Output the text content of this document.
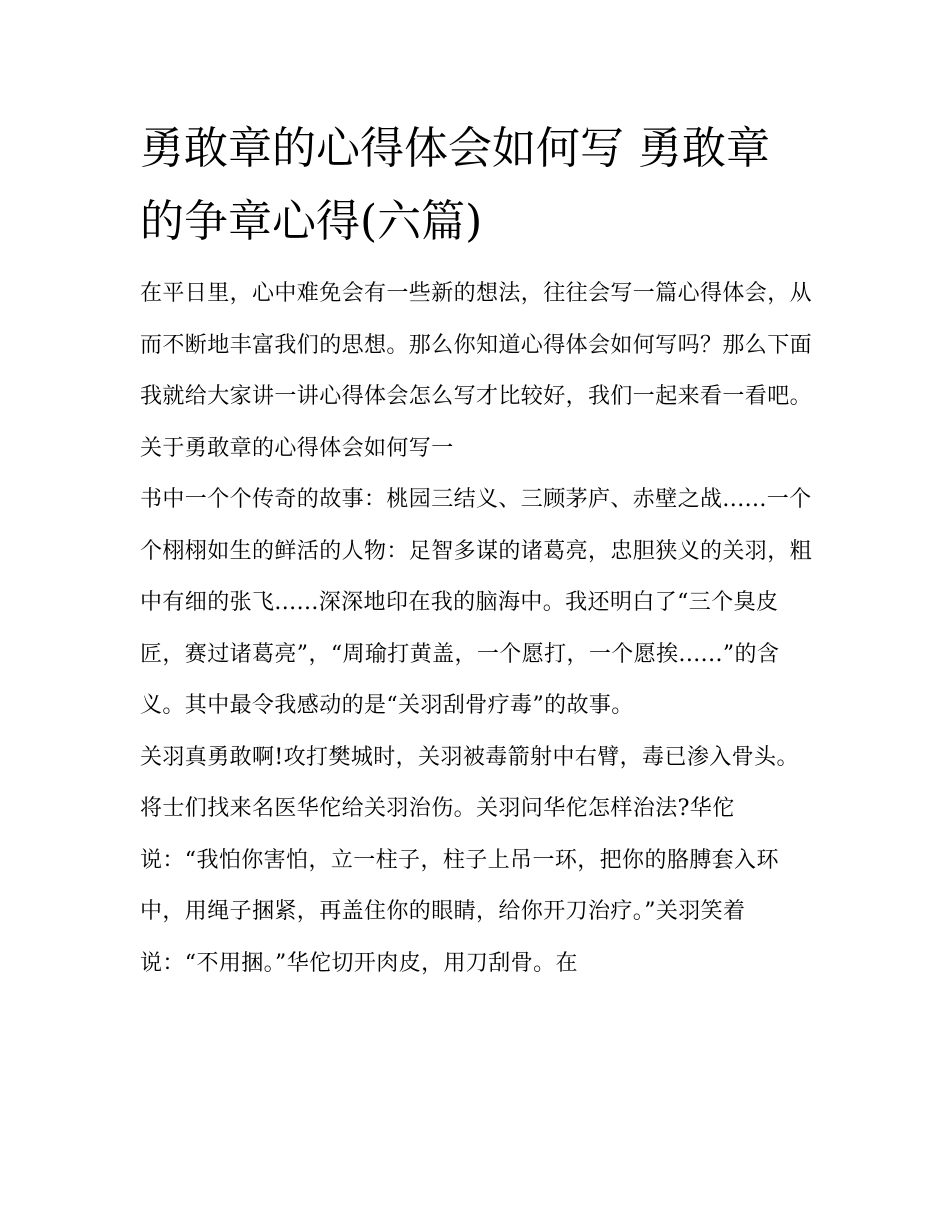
勇敢章的心得体会如何写 勇敢章的争章心得(六篇)

在平日里，心中难免会有一些新的想法，往往会写一篇心得体会，从而不断地丰富我们的思想。那么你知道心得体会如何写吗？那么下面我就给大家讲一讲心得体会怎么写才比较好，我们一起来看一看吧。

关于勇敢章的心得体会如何写一

书中一个个传奇的故事：桃园三结义、三顾茅庐、赤壁之战......一个个栩栩如生的鲜活的人物：足智多谋的诸葛亮，忠胆狭义的关羽，粗中有细的张飞......深深地印在我的脑海中。我还明白了“三个臭皮匠，赛过诸葛亮”，“周瑜打黄盖，一个愿打，一个愿挨......”的含义。其中最令我感动的是“关羽刮骨疗毒”的故事。

关羽真勇敢啊!攻打樊城时，关羽被毒箭射中右臂，毒已渗入骨头。将士们找来名医华佗给关羽治伤。关羽问华佗怎样治法?华佗说：“我怕你害怕，立一柱子，柱子上吊一环，把你的胳膊套入环中，用绳子捆紧，再盖住你的眼睛，给你开刀治疗。”关羽笑着说：“不用捆。”华佗切开肉皮，用刀刮骨。在
